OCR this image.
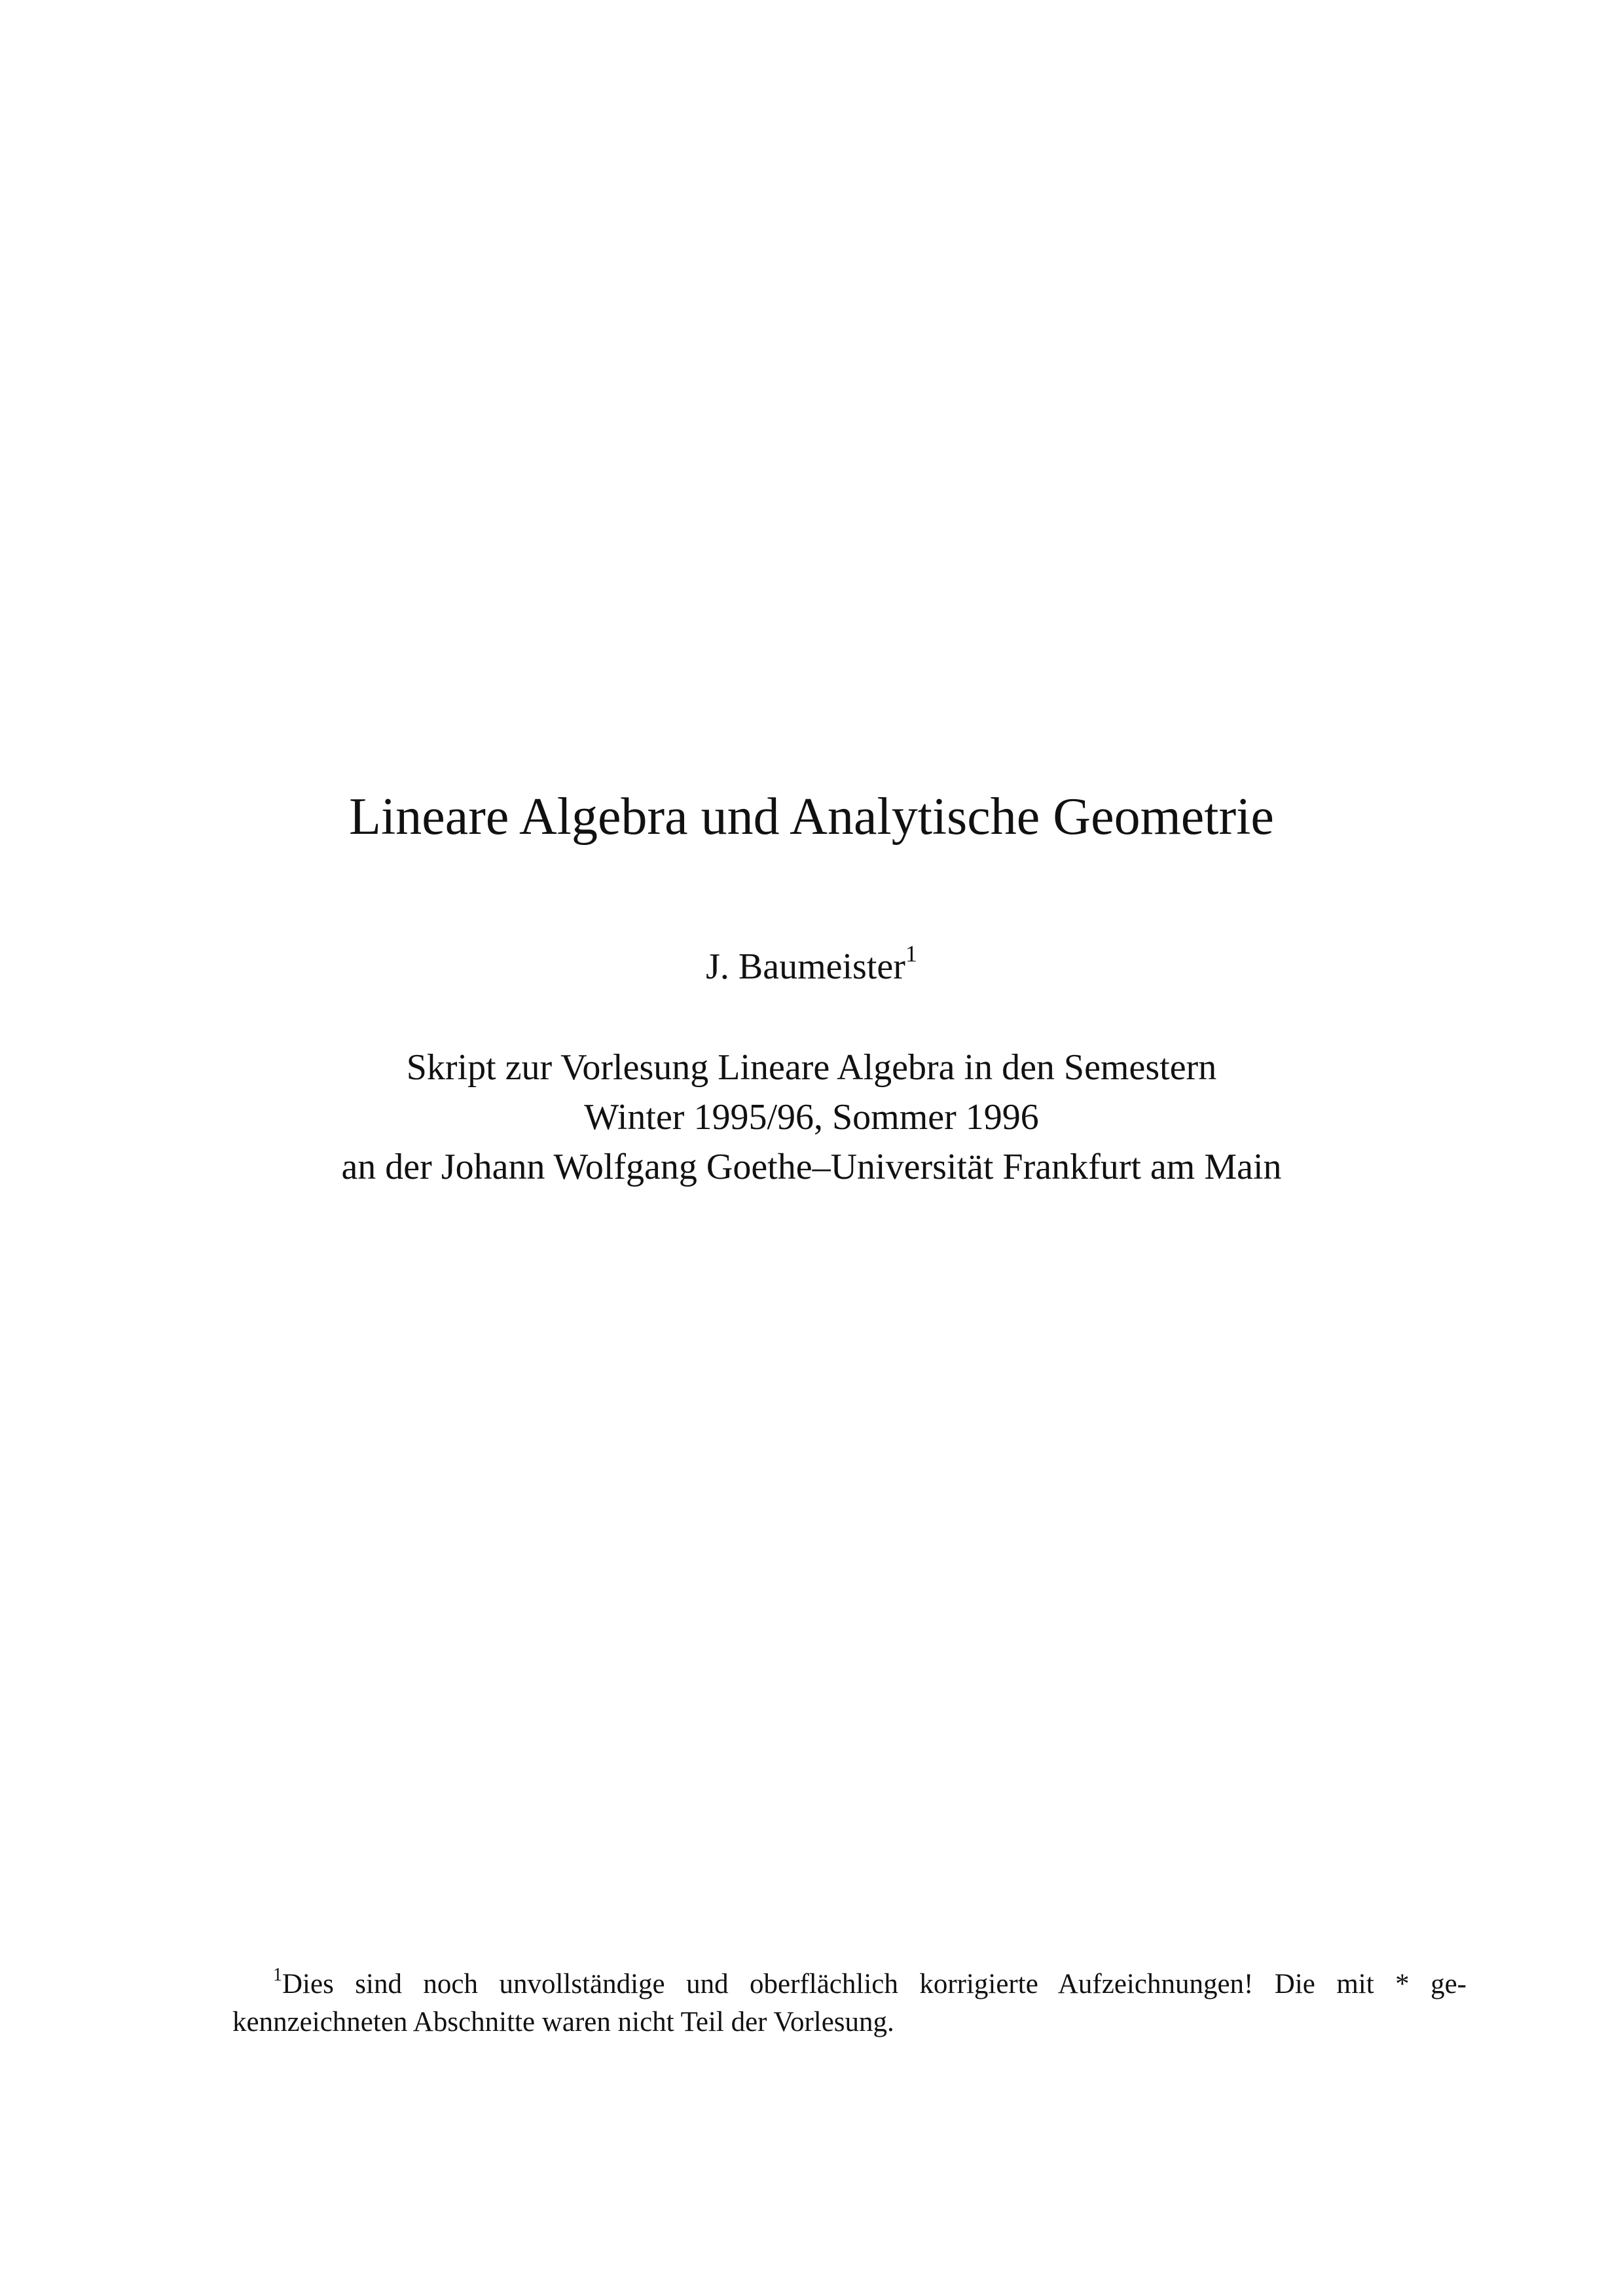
Lineare Algebra und Analytische Geometrie
J. Baumeister$^1$
Skript zur Vorlesung Lineare Algebra in den Semestern
Winter 1995/96, Sommer 1996
an der Johann Wolfgang Goethe–Universität Frankfurt am Main
$^1$Dies sind noch unvollständige und oberflächlich korrigierte Aufzeichnungen! Die mit * ge-
kennzeichneten Abschnitte waren nicht Teil der Vorlesung.
